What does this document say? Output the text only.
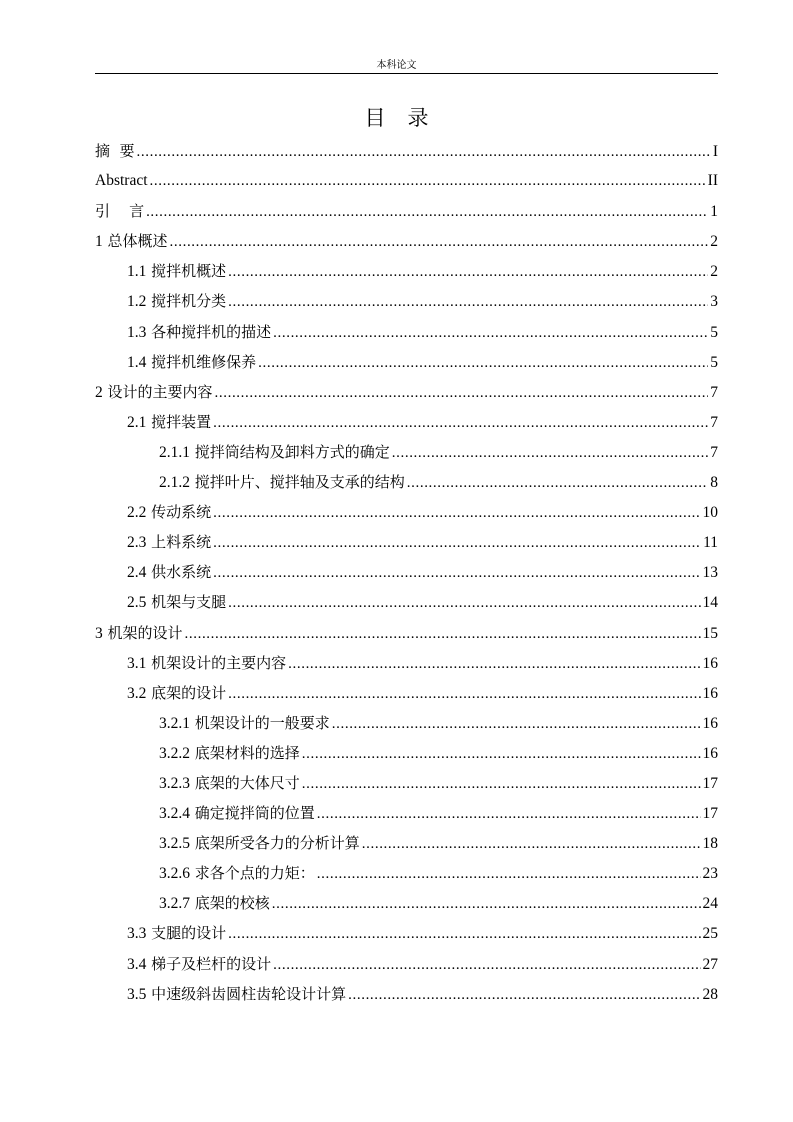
本科论文
目录
摘  要 .....	I
Abstract .....	II
引    言 .....	1
1 总体概述 .....	2
1.1 搅拌机概述 .....	2
1.2 搅拌机分类 .....	3
1.3 各种搅拌机的描述 .....	5
1.4 搅拌机维修保养 .....	5
2 设计的主要内容 .....	7
2.1 搅拌装置 .....	7
2.1.1 搅拌筒结构及卸料方式的确定 .....	7
2.1.2 搅拌叶片、搅拌轴及支承的结构 .....	8
2.2 传动系统 .....	10
2.3 上料系统 .....	11
2.4 供水系统 .....	13
2.5 机架与支腿 .....	14
3 机架的设计 .....	15
3.1 机架设计的主要内容 .....	16
3.2 底架的设计 .....	16
3.2.1 机架设计的一般要求 .....	16
3.2.2 底架材料的选择 .....	16
3.2.3 底架的大体尺寸 .....	17
3.2.4 确定搅拌筒的位置 .....	17
3.2.5 底架所受各力的分析计算 .....	18
3.2.6 求各个点的力矩： .....	23
3.2.7 底架的校核 .....	24
3.3 支腿的设计 .....	25
3.4 梯子及栏杆的设计 .....	27
3.5 中速级斜齿圆柱齿轮设计计算 .....	28
